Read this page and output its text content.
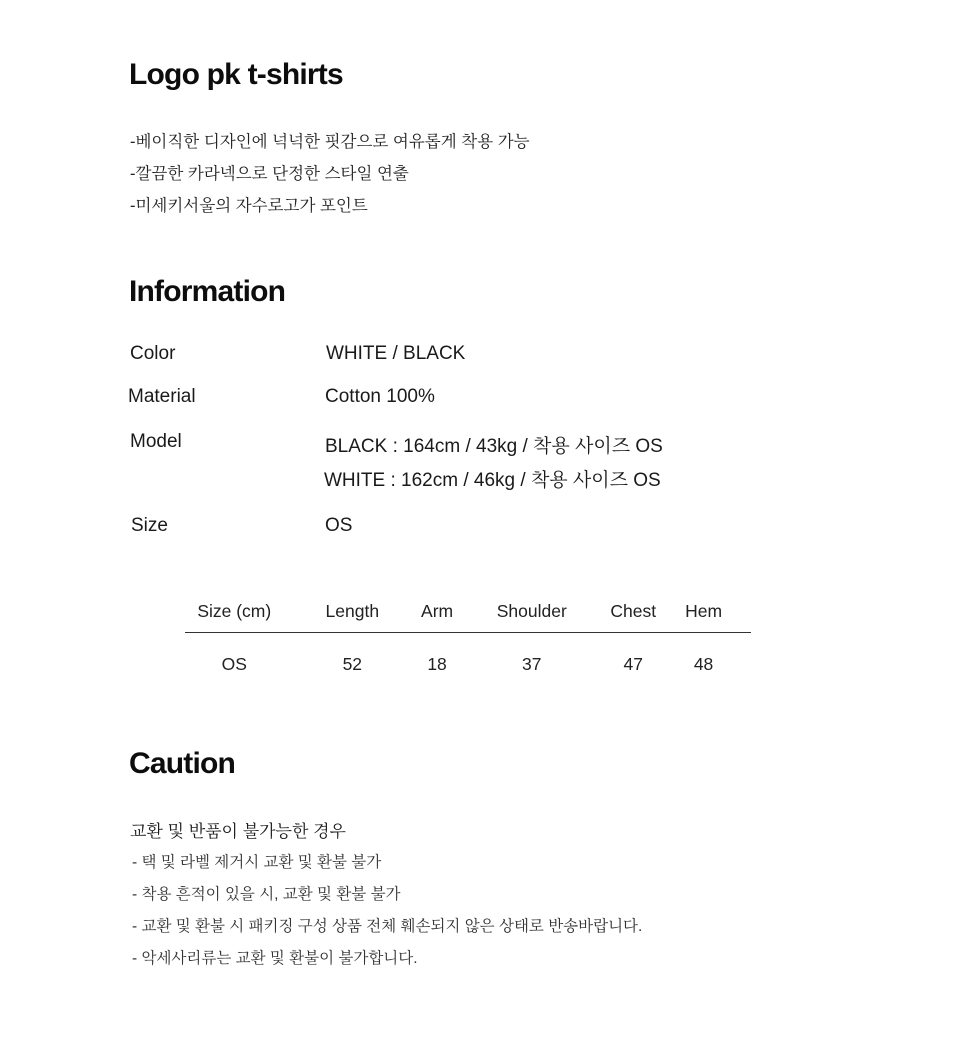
Logo pk t-shirts
-베이직한 디자인에 넉넉한 핏감으로 여유롭게 착용 가능
-깔끔한 카라넥으로 단정한 스타일 연출
-미세키서울의 자수로고가 포인트
Information
Color	WHITE / BLACK
Material	Cotton 100%
Model	BLACK : 164cm / 43kg / 착용 사이즈 OS
WHITE : 162cm / 46kg / 착용 사이즈 OS
Size	OS
Size (cm)	Length	Arm	Shoulder	Chest	Hem
OS	52	18	37	47	48
Caution
교환 및 반품이 불가능한 경우
- 택 및 라벨 제거시 교환 및 환불 불가
- 착용 흔적이 있을 시, 교환 및 환불 불가
- 교환 및 환불 시 패키징 구성 상품 전체 훼손되지 않은 상태로 반송바랍니다.
- 악세사리류는 교환 및 환불이 불가합니다.
